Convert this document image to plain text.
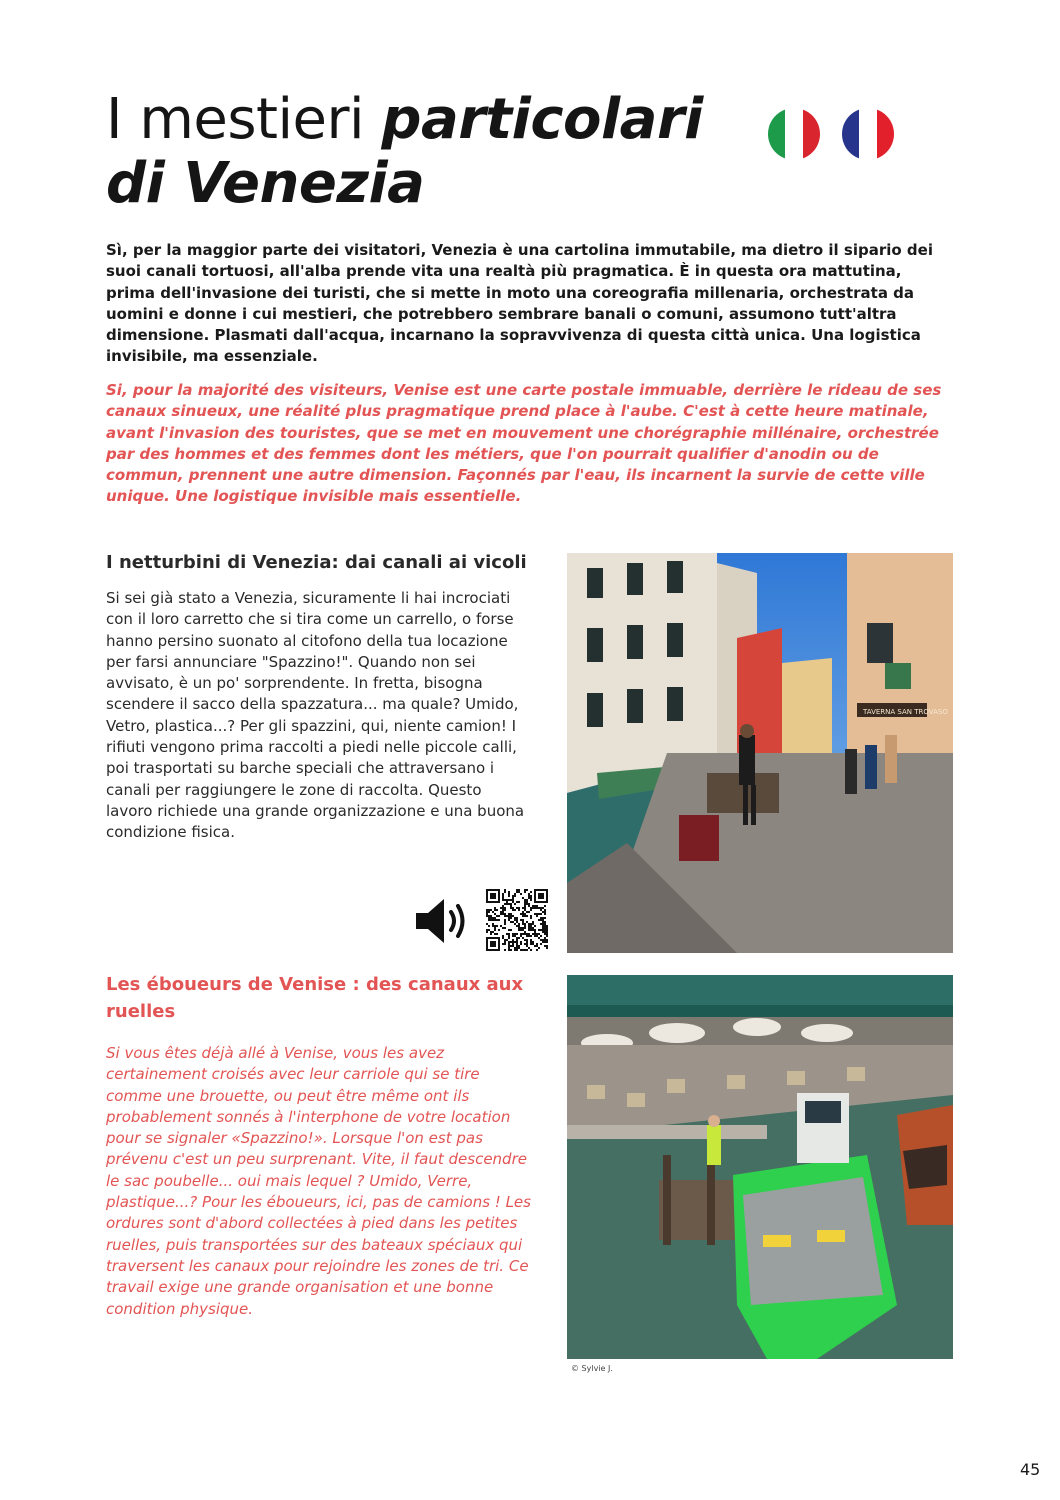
I mestieri particolari
di Venezia

Sì, per la maggior parte dei visitatori, Venezia è una cartolina immutabile, ma dietro il sipario dei suoi canali tortuosi, all'alba prende vita una realtà più pragmatica. È in questa ora mattutina, prima dell'invasione dei turisti, che si mette in moto una coreografia millenaria, orchestrata da uomini e donne i cui mestieri, che potrebbero sembrare banali o comuni, assumono tutt'altra dimensione. Plasmati dall'acqua, incarnano la sopravvivenza di questa città unica. Una logistica invisibile, ma essenziale.

Si, pour la majorité des visiteurs, Venise est une carte postale immuable, derrière le rideau de ses canaux sinueux, une réalité plus pragmatique prend place à l'aube. C'est à cette heure matinale, avant l'invasion des touristes, que se met en mouvement une chorégraphie millénaire, orchestrée par des hommes et des femmes dont les métiers, que l'on pourrait qualifier d'anodin ou de commun, prennent une autre dimension. Façonnés par l'eau, ils incarnent la survie de cette ville unique. Une logistique invisible mais essentielle.

I netturbini di Venezia: dai canali ai vicoli

Si sei già stato a Venezia, sicuramente li hai incrociati con il loro carretto che si tira come un carrello, o forse hanno persino suonato al citofono della tua locazione per farsi annunciare "Spazzino!". Quando non sei avvisato, è un po' sorprendente. In fretta, bisogna scendere il sacco della spazzatura... ma quale? Umido, Vetro, plastica...? Per gli spazzini, qui, niente camion! I rifiuti vengono prima raccolti a piedi nelle piccole calli, poi trasportati su barche speciali che attraversano i canali per raggiungere le zone di raccolta. Questo lavoro richiede una grande organizzazione e una buona condizione fisica.

TAVERNA SAN TROVASO
Les éboueurs de Venise : des canaux aux ruelles

Si vous êtes déjà allé à Venise, vous les avez certainement croisés avec leur carriole qui se tire comme une brouette, ou peut être même ont ils probablement sonnés à l'interphone de votre location pour se signaler «Spazzino!». Lorsque l'on est pas prévenu c'est un peu surprenant. Vite, il faut descendre le sac poubelle... oui mais lequel ? Umido, Verre, plastique...? Pour les éboueurs, ici, pas de camions ! Les ordures sont d'abord collectées à pied dans les petites ruelles, puis transportées sur des bateaux spéciaux qui traversent les canaux pour rejoindre les zones de tri. Ce travail exige une grande organisation et une bonne condition physique.

© Sylvie J.

45
